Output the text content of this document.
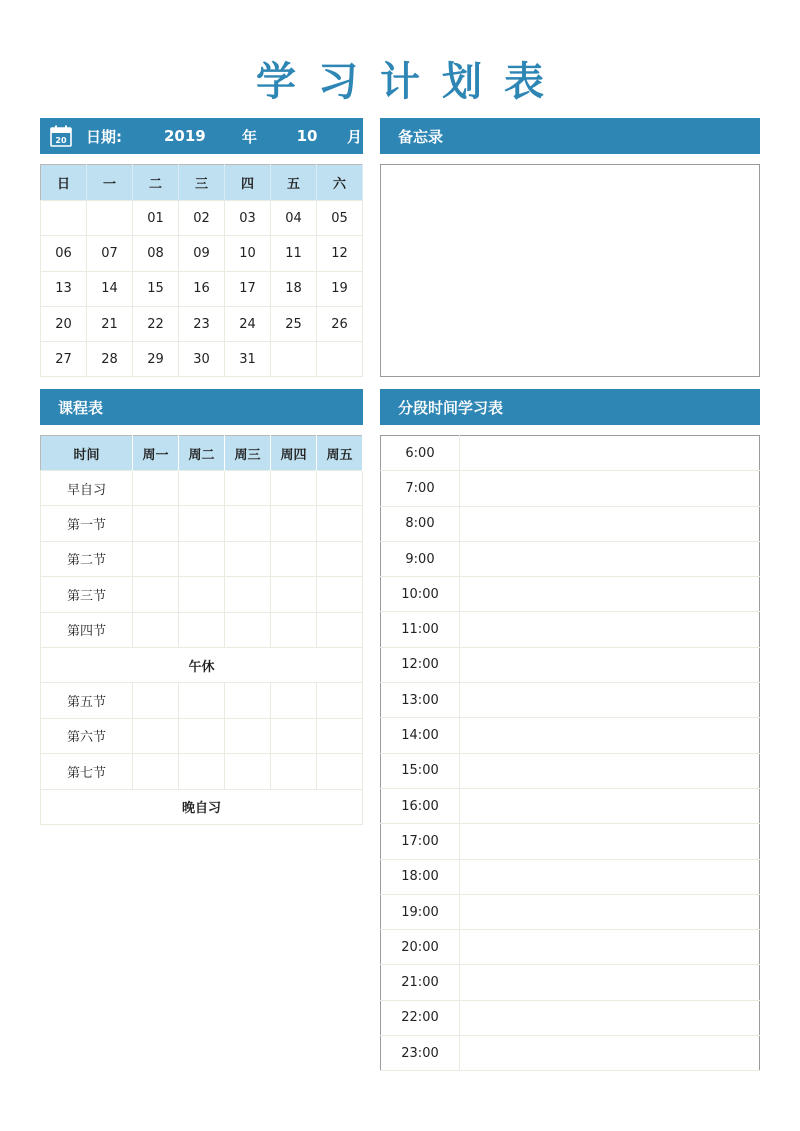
学习计划表
20 日期:	2019	年	10	月	备忘录
日	一	二	三	四	五	六
		01	02	03	04	05
06	07	08	09	10	11	12
13	14	15	16	17	18	19
20	21	22	23	24	25	26
27	28	29	30	31		
课程表	分段时间学习表
时间	周一	周二	周三	周四	周五
早自习					
第一节					
第二节					
第三节					
第四节					
午休					
第五节					
第六节					
第七节					
晚自习					
6:00	
7:00	
8:00	
9:00	
10:00	
11:00	
12:00	
13:00	
14:00	
15:00	
16:00	
17:00	
18:00	
19:00	
20:00	
21:00	
22:00	
23:00	
